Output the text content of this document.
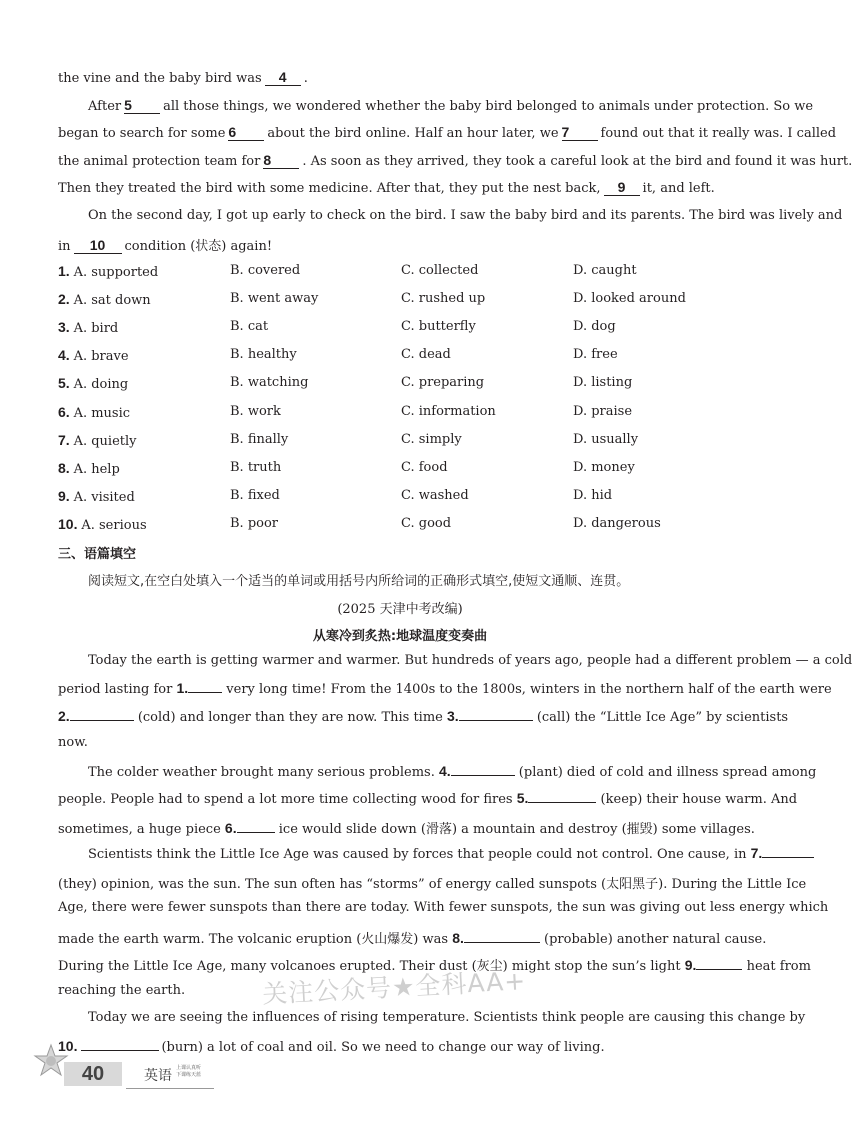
the vine and the baby bird was 4 .
After 5 all those things, we wondered whether the baby bird belonged to animals under protection. So we
began to search for some 6 about the bird online. Half an hour later, we 7 found out that it really was. I called
the animal protection team for 8 . As soon as they arrived, they took a careful look at the bird and found it was hurt.
Then they treated the bird with some medicine. After that, they put the nest back, 9 it, and left.
On the second day, I got up early to check on the bird. I saw the baby bird and its parents. The bird was lively and
in 10 condition (状态) again!
1. A. supported	B. covered	C. collected	D. caught
2. A. sat down	B. went away	C. rushed up	D. looked around
3. A. bird	B. cat	C. butterfly	D. dog
4. A. brave	B. healthy	C. dead	D. free
5. A. doing	B. watching	C. preparing	D. listing
6. A. music	B. work	C. information	D. praise
7. A. quietly	B. finally	C. simply	D. usually
8. A. help	B. truth	C. food	D. money
9. A. visited	B. fixed	C. washed	D. hid
10. A. serious	B. poor	C. good	D. dangerous
三、语篇填空
阅读短文,在空白处填入一个适当的单词或用括号内所给词的正确形式填空,使短文通顺、连贯。
(2025 天津中考改编)
从寒冷到炙热:地球温度变奏曲
Today the earth is getting warmer and warmer. But hundreds of years ago, people had a different problem — a cold
period lasting for 1.	very long time! From the 1400s to the 1800s, winters in the northern half of the earth were
2.	(cold) and longer than they are now. This time 3.	(call) the “Little Ice Age” by scientists
now.
The colder weather brought many serious problems. 4.	(plant) died of cold and illness spread among
people. People had to spend a lot more time collecting wood for fires 5.	(keep) their house warm. And
sometimes, a huge piece 6.	ice would slide down (滑落) a mountain and destroy (摧毁) some villages.
Scientists think the Little Ice Age was caused by forces that people could not control. One cause, in 7.
(they) opinion, was the sun. The sun often has “storms” of energy called sunspots (太阳黑子). During the Little Ice
Age, there were fewer sunspots than there are today. With fewer sunspots, the sun was giving out less energy which
made the earth warm. The volcanic eruption (火山爆发) was 8.	(probable) another natural cause.
During the Little Ice Age, many volcanoes erupted. Their dust (灰尘) might stop the sun’s light 9.	heat from
reaching the earth.
Today we are seeing the influences of rising temperature. Scientists think people are causing this change by
10.	(burn) a lot of coal and oil. So we need to change our way of living.
关注公众号★全科AA+
40	英语 上课认真听
下课练天蓝
